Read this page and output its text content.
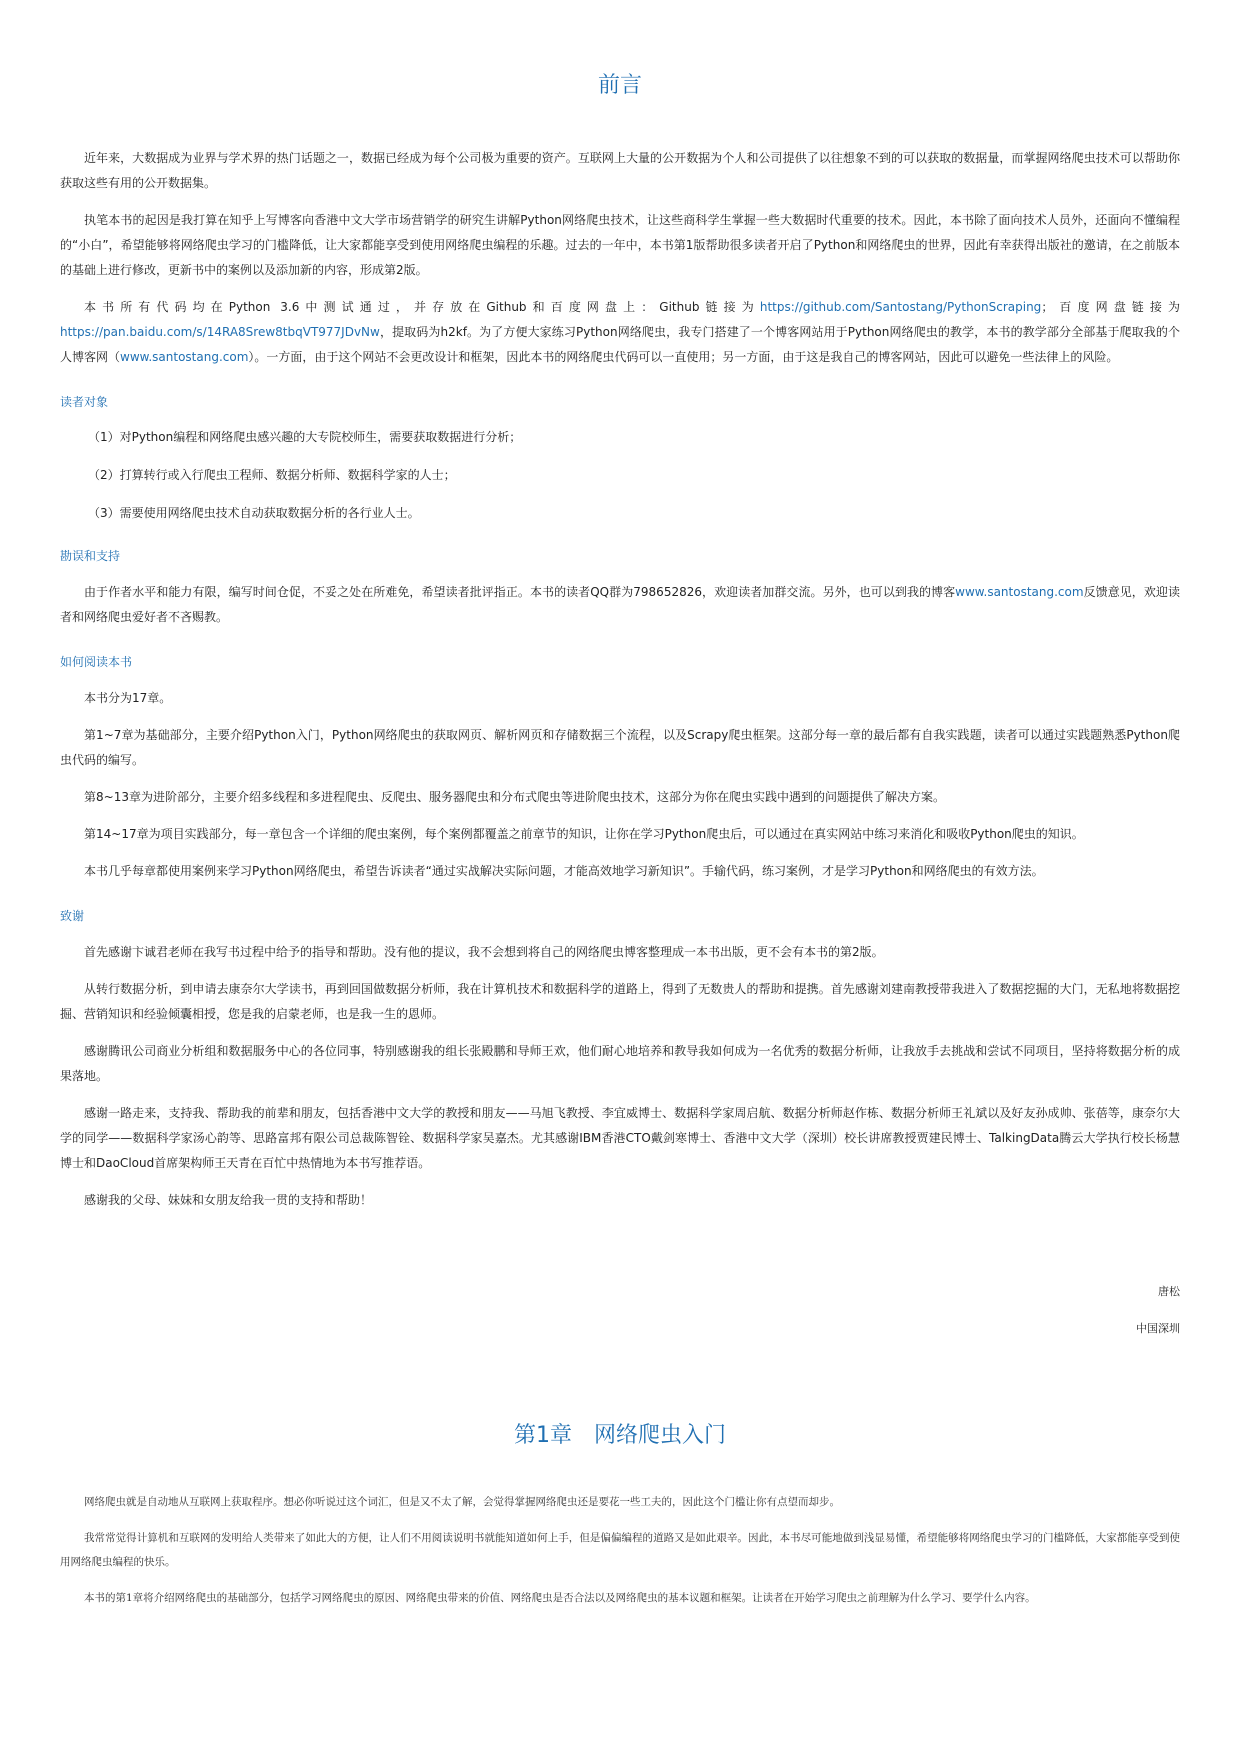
前言

近年来，大数据成为业界与学术界的热门话题之一，数据已经成为每个公司极为重要的资产。互联网上大量的公开数据为个人和公司提供了以往想象不到的可以获取的数据量，而掌握网络爬虫技术可以帮助你获取这些有用的公开数据集。

执笔本书的起因是我打算在知乎上写博客向香港中文大学市场营销学的研究生讲解Python网络爬虫技术，让这些商科学生掌握一些大数据时代重要的技术。因此，本书除了面向技术人员外，还面向不懂编程的“小白”，希望能够将网络爬虫学习的门槛降低，让大家都能享受到使用网络爬虫编程的乐趣。过去的一年中，本书第1版帮助很多读者开启了Python和网络爬虫的世界，因此有幸获得出版社的邀请，在之前版本的基础上进行修改，更新书中的案例以及添加新的内容，形成第2版。

本书所有代码均在Python 3.6中测试通过，并存放在Github和百度网盘上：Github链接为https://github.com/Santostang/PythonScraping；百度网盘链接为https://pan.baidu.com/s/14RA8Srew8tbqVT977JDvNw，提取码为h2kf。为了方便大家练习Python网络爬虫，我专门搭建了一个博客网站用于Python网络爬虫的教学，本书的教学部分全部基于爬取我的个人博客网（www.santostang.com）。一方面，由于这个网站不会更改设计和框架，因此本书的网络爬虫代码可以一直使用；另一方面，由于这是我自己的博客网站，因此可以避免一些法律上的风险。

读者对象

（1）对Python编程和网络爬虫感兴趣的大专院校师生，需要获取数据进行分析；

（2）打算转行或入行爬虫工程师、数据分析师、数据科学家的人士；

（3）需要使用网络爬虫技术自动获取数据分析的各行业人士。

勘误和支持

由于作者水平和能力有限，编写时间仓促，不妥之处在所难免，希望读者批评指正。本书的读者QQ群为798652826，欢迎读者加群交流。另外，也可以到我的博客www.santostang.com反馈意见，欢迎读者和网络爬虫爱好者不吝赐教。

如何阅读本书

本书分为17章。

第1~7章为基础部分，主要介绍Python入门，Python网络爬虫的获取网页、解析网页和存储数据三个流程，以及Scrapy爬虫框架。这部分每一章的最后都有自我实践题，读者可以通过实践题熟悉Python爬虫代码的编写。

第8~13章为进阶部分，主要介绍多线程和多进程爬虫、反爬虫、服务器爬虫和分布式爬虫等进阶爬虫技术，这部分为你在爬虫实践中遇到的问题提供了解决方案。

第14~17章为项目实践部分，每一章包含一个详细的爬虫案例，每个案例都覆盖之前章节的知识，让你在学习Python爬虫后，可以通过在真实网站中练习来消化和吸收Python爬虫的知识。

本书几乎每章都使用案例来学习Python网络爬虫，希望告诉读者“通过实战解决实际问题，才能高效地学习新知识”。手输代码，练习案例，才是学习Python和网络爬虫的有效方法。

致谢

首先感谢卞诚君老师在我写书过程中给予的指导和帮助。没有他的提议，我不会想到将自己的网络爬虫博客整理成一本书出版，更不会有本书的第2版。

从转行数据分析，到申请去康奈尔大学读书，再到回国做数据分析师，我在计算机技术和数据科学的道路上，得到了无数贵人的帮助和提携。首先感谢刘建南教授带我进入了数据挖掘的大门，无私地将数据挖掘、营销知识和经验倾囊相授，您是我的启蒙老师，也是我一生的恩师。

感谢腾讯公司商业分析组和数据服务中心的各位同事，特别感谢我的组长张殿鹏和导师王欢，他们耐心地培养和教导我如何成为一名优秀的数据分析师，让我放手去挑战和尝试不同项目，坚持将数据分析的成果落地。

感谢一路走来，支持我、帮助我的前辈和朋友，包括香港中文大学的教授和朋友——马旭飞教授、李宜威博士、数据科学家周启航、数据分析师赵作栋、数据分析师王礼斌以及好友孙成帅、张蓓等，康奈尔大学的同学——数据科学家汤心韵等、思路富邦有限公司总裁陈智铨、数据科学家吴嘉杰。尤其感谢IBM香港CTO戴剑寒博士、香港中文大学（深圳）校长讲席教授贾建民博士、TalkingData腾云大学执行校长杨慧博士和DaoCloud首席架构师王天青在百忙中热情地为本书写推荐语。

感谢我的父母、妹妹和女朋友给我一贯的支持和帮助！

唐松

中国深圳

第1章　网络爬虫入门

网络爬虫就是自动地从互联网上获取程序。想必你听说过这个词汇，但是又不太了解，会觉得掌握网络爬虫还是要花一些工夫的，因此这个门槛让你有点望而却步。

我常常觉得计算机和互联网的发明给人类带来了如此大的方便，让人们不用阅读说明书就能知道如何上手，但是偏偏编程的道路又是如此艰辛。因此，本书尽可能地做到浅显易懂，希望能够将网络爬虫学习的门槛降低，大家都能享受到使用网络爬虫编程的快乐。

本书的第1章将介绍网络爬虫的基础部分，包括学习网络爬虫的原因、网络爬虫带来的价值、网络爬虫是否合法以及网络爬虫的基本议题和框架。让读者在开始学习爬虫之前理解为什么学习、要学什么内容。
